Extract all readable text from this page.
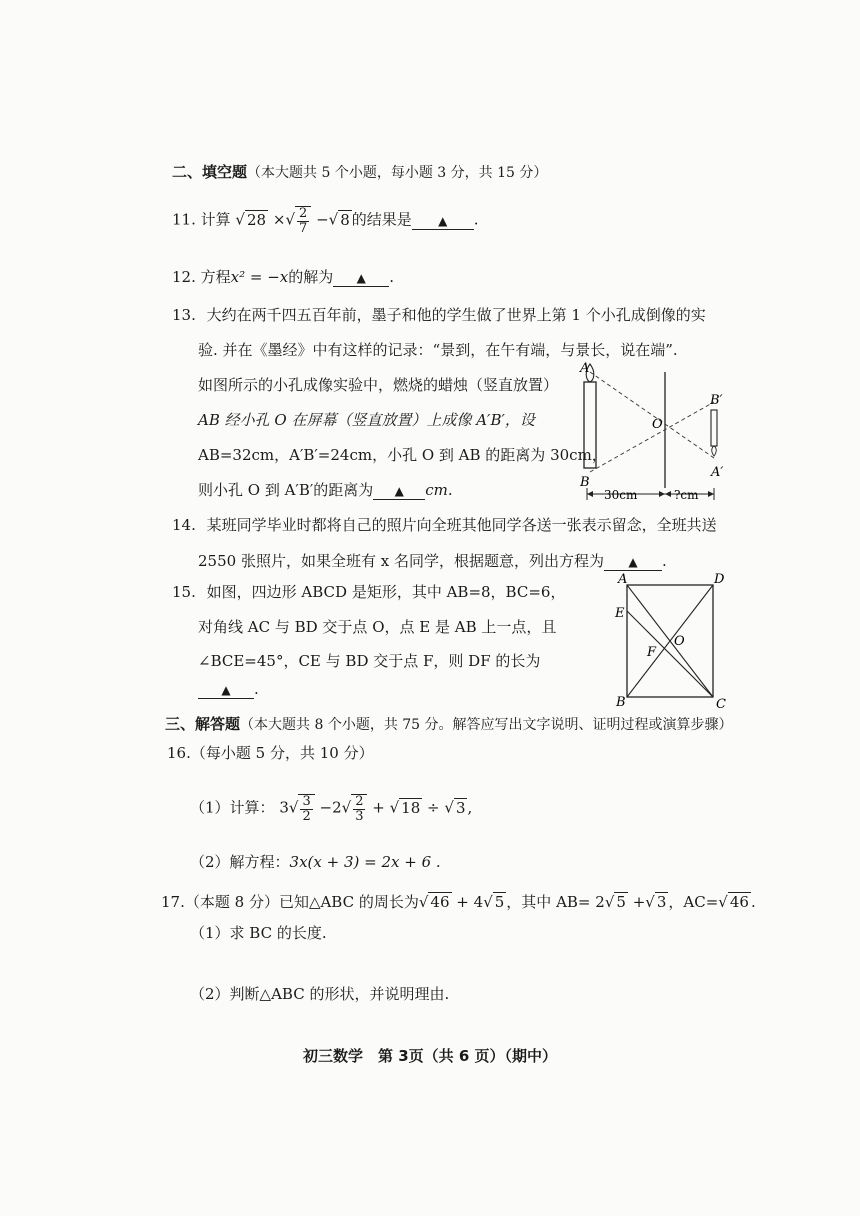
二、填空题（本大题共 5 个小题，每小题 3 分，共 15 分）
11. 计算 √ 28 ×√ $\frac{2}{7}$ −√ 8 的结果是 ▲ .
12. 方程x² = −x的解为 ▲ .
13. 大约在两千四五百年前，墨子和他的学生做了世界上第 1 个小孔成倒像的实
验. 并在《墨经》中有这样的记录：“景到，在午有端，与景长，说在端”.
如图所示的小孔成像实验中，燃烧的蜡烛（竖直放置）
AB 经小孔 O 在屏幕（竖直放置）上成像 A′B′，设
AB=32cm，A′B′=24cm，小孔 O 到 AB 的距离为 30cm，
则小孔 O 到 A′B′的距离为 ▲ cm.
A
B
O
B′
A′
30cm	?cm
14. 某班同学毕业时都将自己的照片向全班其他同学各送一张表示留念，全班共送
2550 张照片，如果全班有 x 名同学，根据题意，列出方程为 ▲ .
15. 如图，四边形 ABCD 是矩形，其中 AB=8，BC=6，
对角线 AC 与 BD 交于点 O，点 E 是 AB 上一点，且
∠BCE=45°，CE 与 BD 交于点 F，则 DF 的长为
▲ .
A	D
B	C
E
F
O
三、解答题（本大题共 8 个小题，共 75 分。解答应写出文字说明、证明过程或演算步骤）
16.（每小题 5 分，共 10 分）
（1）计算： $3√ \frac{3}{2} -2√ \frac{2}{3}$ + √ 18 ÷ √ 3 ,
（2）解方程：3x(x + 3) = 2x + 6 .
17.（本题 8 分）已知△ABC 的周长为√ 46 + 4√ 5 ，其中 AB= 2√ 5 +√ 3 ，AC=√ 46 .
（1）求 BC 的长度.
（2）判断△ABC 的形状，并说明理由.
初三数学　第 3页（共 6 页）（期中）
